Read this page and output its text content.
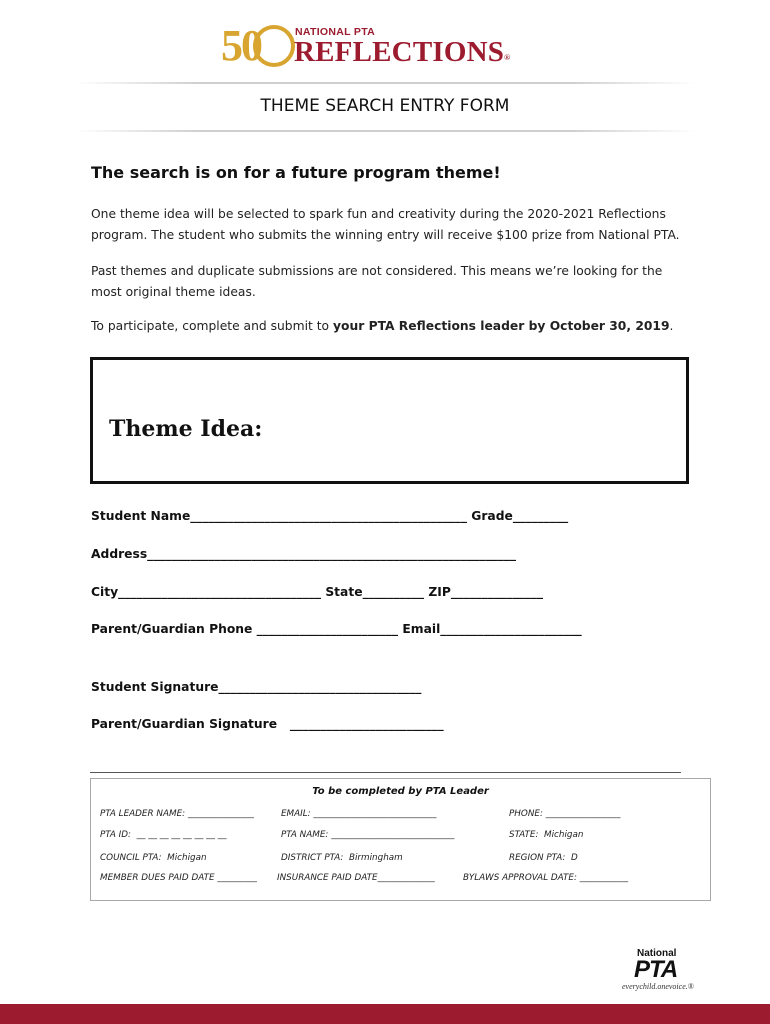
50	NATIONAL PTA
REFLECTIONS®
THEME SEARCH ENTRY FORM
The search is on for a future program theme!

One theme idea will be selected to spark fun and creativity during the 2020-2021 Reflections program. The student who submits the winning entry will receive $100 prize from National PTA.

Past themes and duplicate submissions are not considered. This means we’re looking for the most original theme ideas.

To participate, complete and submit to your PTA Reflections leader by October 30, 2019.

Theme Idea:
Student Name_____________________________________________ Grade_________
Address____________________________________________________________
City_________________________________ State__________ ZIP_______________
Parent/Guardian Phone _______________________ Email_______________________
Student Signature_________________________________
Parent/Guardian Signature   _________________________
To be completed by PTA Leader
PTA LEADER NAME: _______________	EMAIL: ____________________________	PHONE: _________________
PTA ID:  __ __ __ __ __ __ __ __	PTA NAME: ____________________________	STATE:  Michigan
COUNCIL PTA:  Michigan	DISTRICT PTA:  Birmingham	REGION PTA:  D
MEMBER DUES PAID DATE _________ INSURANCE PAID DATE_____________	BYLAWS APPROVAL DATE: ___________
National
PTA
everychild.onevoice.®
